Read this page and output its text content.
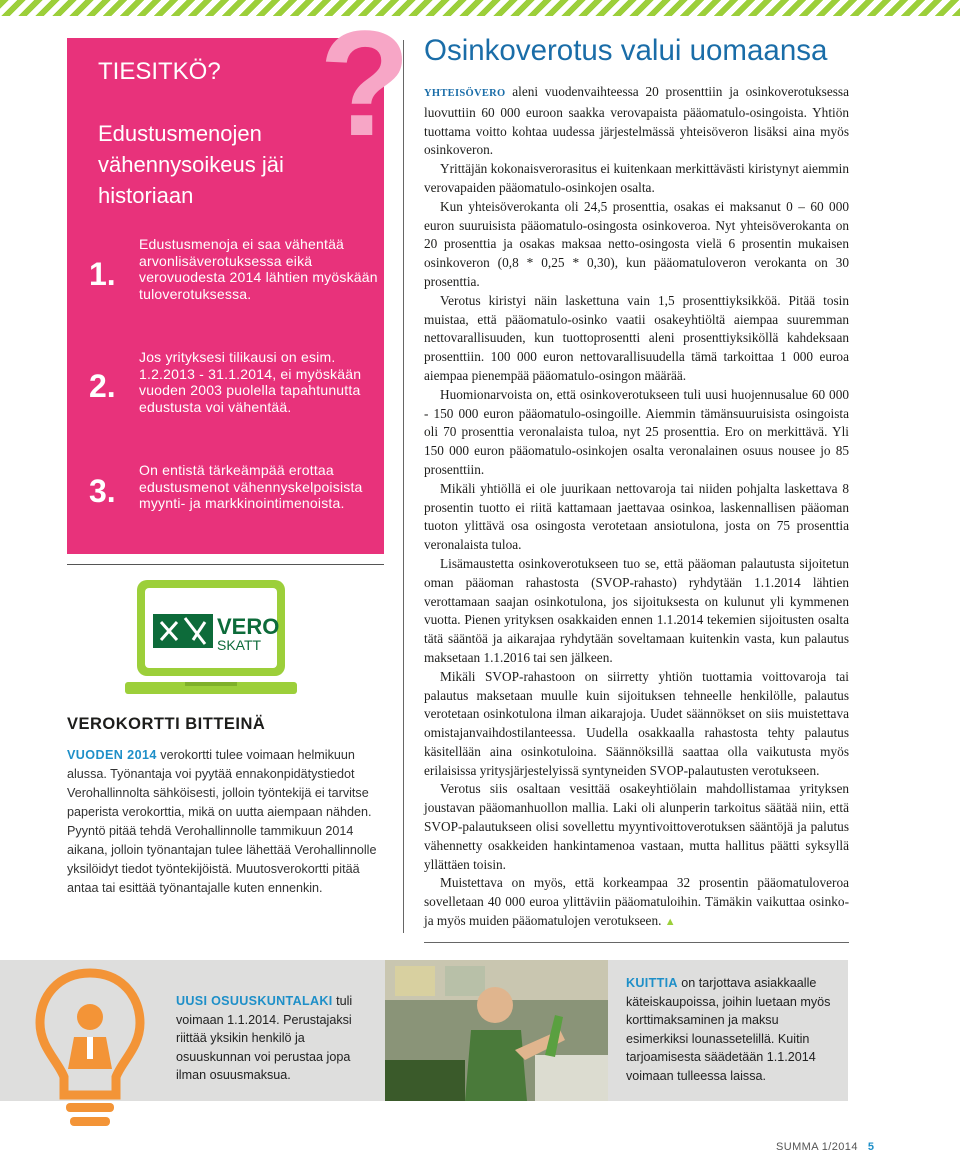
?
TIESITKÖ?
Edustusmenojen vähennysoikeus jäi historiaan
1.
Edustusmenoja ei saa vähentää arvonlisäverotuksessa eikä verovuodesta 2014 lähtien myöskään tuloverotuksessa.
2.
Jos yrityksesi tilikausi on esim. 1.2.2013 - 31.1.2014, ei myöskään vuoden 2003 puolella tapahtunutta edustusta voi vähentää.
3.
On entistä tärkeämpää erottaa edustusmenot vähennyskelpoisista myynti- ja markkinointimenoista.
VERO
SKATT
VEROKORTTI BITTEINÄ
VUODEN 2014 verokortti tulee voimaan helmikuun alussa. Työnantaja voi pyytää ennakonpidätystiedot Verohallinnolta sähköisesti, jolloin työntekijä ei tarvitse paperista verokorttia, mikä on uutta aiempaan nähden. Pyyntö pitää tehdä Verohallinnolle tammikuun 2014 aikana, jolloin työnantajan tulee lähettää Verohallinnolle yksilöidyt tiedot työntekijöistä. Muutosverokortti pitää antaa tai esittää työnantajalle kuten ennenkin.
Osinkoverotus valui uomaansa

YHTEISÖVERO aleni vuodenvaihteessa 20 prosenttiin ja osinkoverotuksessa luovuttiin 60 000 euroon saakka verovapaista pääomatulo-osingoista. Yhtiön tuottama voitto kohtaa uudessa järjestelmässä yhteisöveron lisäksi aina myös osinkoveron.

Yrittäjän kokonaisverorasitus ei kuitenkaan merkittävästi kiristynyt aiemmin verovapaiden pääomatulo-osinkojen osalta.

Kun yhteisöverokanta oli 24,5 prosenttia, osakas ei maksanut 0 – 60 000 euron suuruisista pääomatulo-osingosta osinkoveroa. Nyt yhteisöverokanta on 20 prosenttia ja osakas maksaa netto-osingosta vielä 6 prosentin mukaisen osinkoveron (0,8 * 0,25 * 0,30), kun pääomatuloveron verokanta on 30 prosenttia.

Verotus kiristyi näin laskettuna vain 1,5 prosenttiyksikköä. Pitää tosin muistaa, että pääomatulo-osinko vaatii osakeyhtiöltä aiempaa suuremman nettovarallisuuden, kun tuottoprosentti aleni prosenttiyksiköllä kahdeksaan prosenttiin. 100 000 euron nettovarallisuudella tämä tarkoittaa 1 000 euroa aiempaa pienempää pääomatulo-osingon määrää.

Huomionarvoista on, että osinkoverotukseen tuli uusi huojennusalue 60 000 - 150 000 euron pääomatulo-osingoille. Aiemmin tämänsuuruisista osingoista oli 70 prosenttia veronalaista tuloa, nyt 25 prosenttia. Ero on merkittävä. Yli 150 000 euron pääomatulo-osinkojen osalta veronalainen osuus nousee jo 85 prosenttiin.

Mikäli yhtiöllä ei ole juurikaan nettovaroja tai niiden pohjalta laskettava 8 prosentin tuotto ei riitä kattamaan jaettavaa osinkoa, laskennallisen pääoman tuoton ylittävä osa osingosta verotetaan ansiotulona, josta on 75 prosenttia veronalaista tuloa.

Lisämaustetta osinkoverotukseen tuo se, että pääoman palautusta sijoitetun oman pääoman rahastosta (SVOP-rahasto) ryhdytään 1.1.2014 lähtien verottamaan saajan osinkotulona, jos sijoituksesta on kulunut yli kymmenen vuotta. Pienen yrityksen osakkaiden ennen 1.1.2014 tekemien sijoitusten osalta tätä sääntöä ja aikarajaa ryhdytään soveltamaan kuitenkin vasta, kun palautus maksetaan 1.1.2016 tai sen jälkeen.

Mikäli SVOP-rahastoon on siirretty yhtiön tuottamia voittovaroja tai palautus maksetaan muulle kuin sijoituksen tehneelle henkilölle, palautus verotetaan osinkotulona ilman aikarajoja. Uudet säännökset on siis muistettava omistajanvaihdostilanteessa. Uudella osakkaalla rahastosta tehty palautus käsitellään aina osinkotuloina. Säännöksillä saattaa olla vaikutusta myös erilaisissa yritysjärjestelyissä syntyneiden SVOP-palautusten verotukseen.

Verotus siis osaltaan vesittää osakeyhtiölain mahdollistamaa yrityksen joustavan pääomanhuollon mallia. Laki oli alunperin tarkoitus säätää niin, että SVOP-palautukseen olisi sovellettu myyntivoittoverotuksen sääntöjä ja palutus vähennetty osakkeiden hankintamenoa vastaan, mutta hallitus päätti syksyllä yllättäen toisin.

Muistettava on myös, että korkeampaa 32 prosentin pääomatuloveroa sovelletaan 40 000 euroa ylittäviin pääomatuloihin. Tämäkin vaikuttaa osinko- ja myös muiden pääomatulojen verotukseen. ▲

UUSI OSUUSKUNTALAKI tuli voimaan 1.1.2014. Perustajaksi riittää yksikin henkilö ja osuuskunnan voi perustaa jopa ilman osuusmaksua.
KUITTIA on tarjottava asiakkaalle käteiskaupoissa, joihin luetaan myös korttimaksaminen ja maksu esimerkiksi lounassetelillä. Kuitin tarjoamisesta säädetään 1.1.2014 voimaan tulleessa laissa.
SUMMA 1/2014 5
